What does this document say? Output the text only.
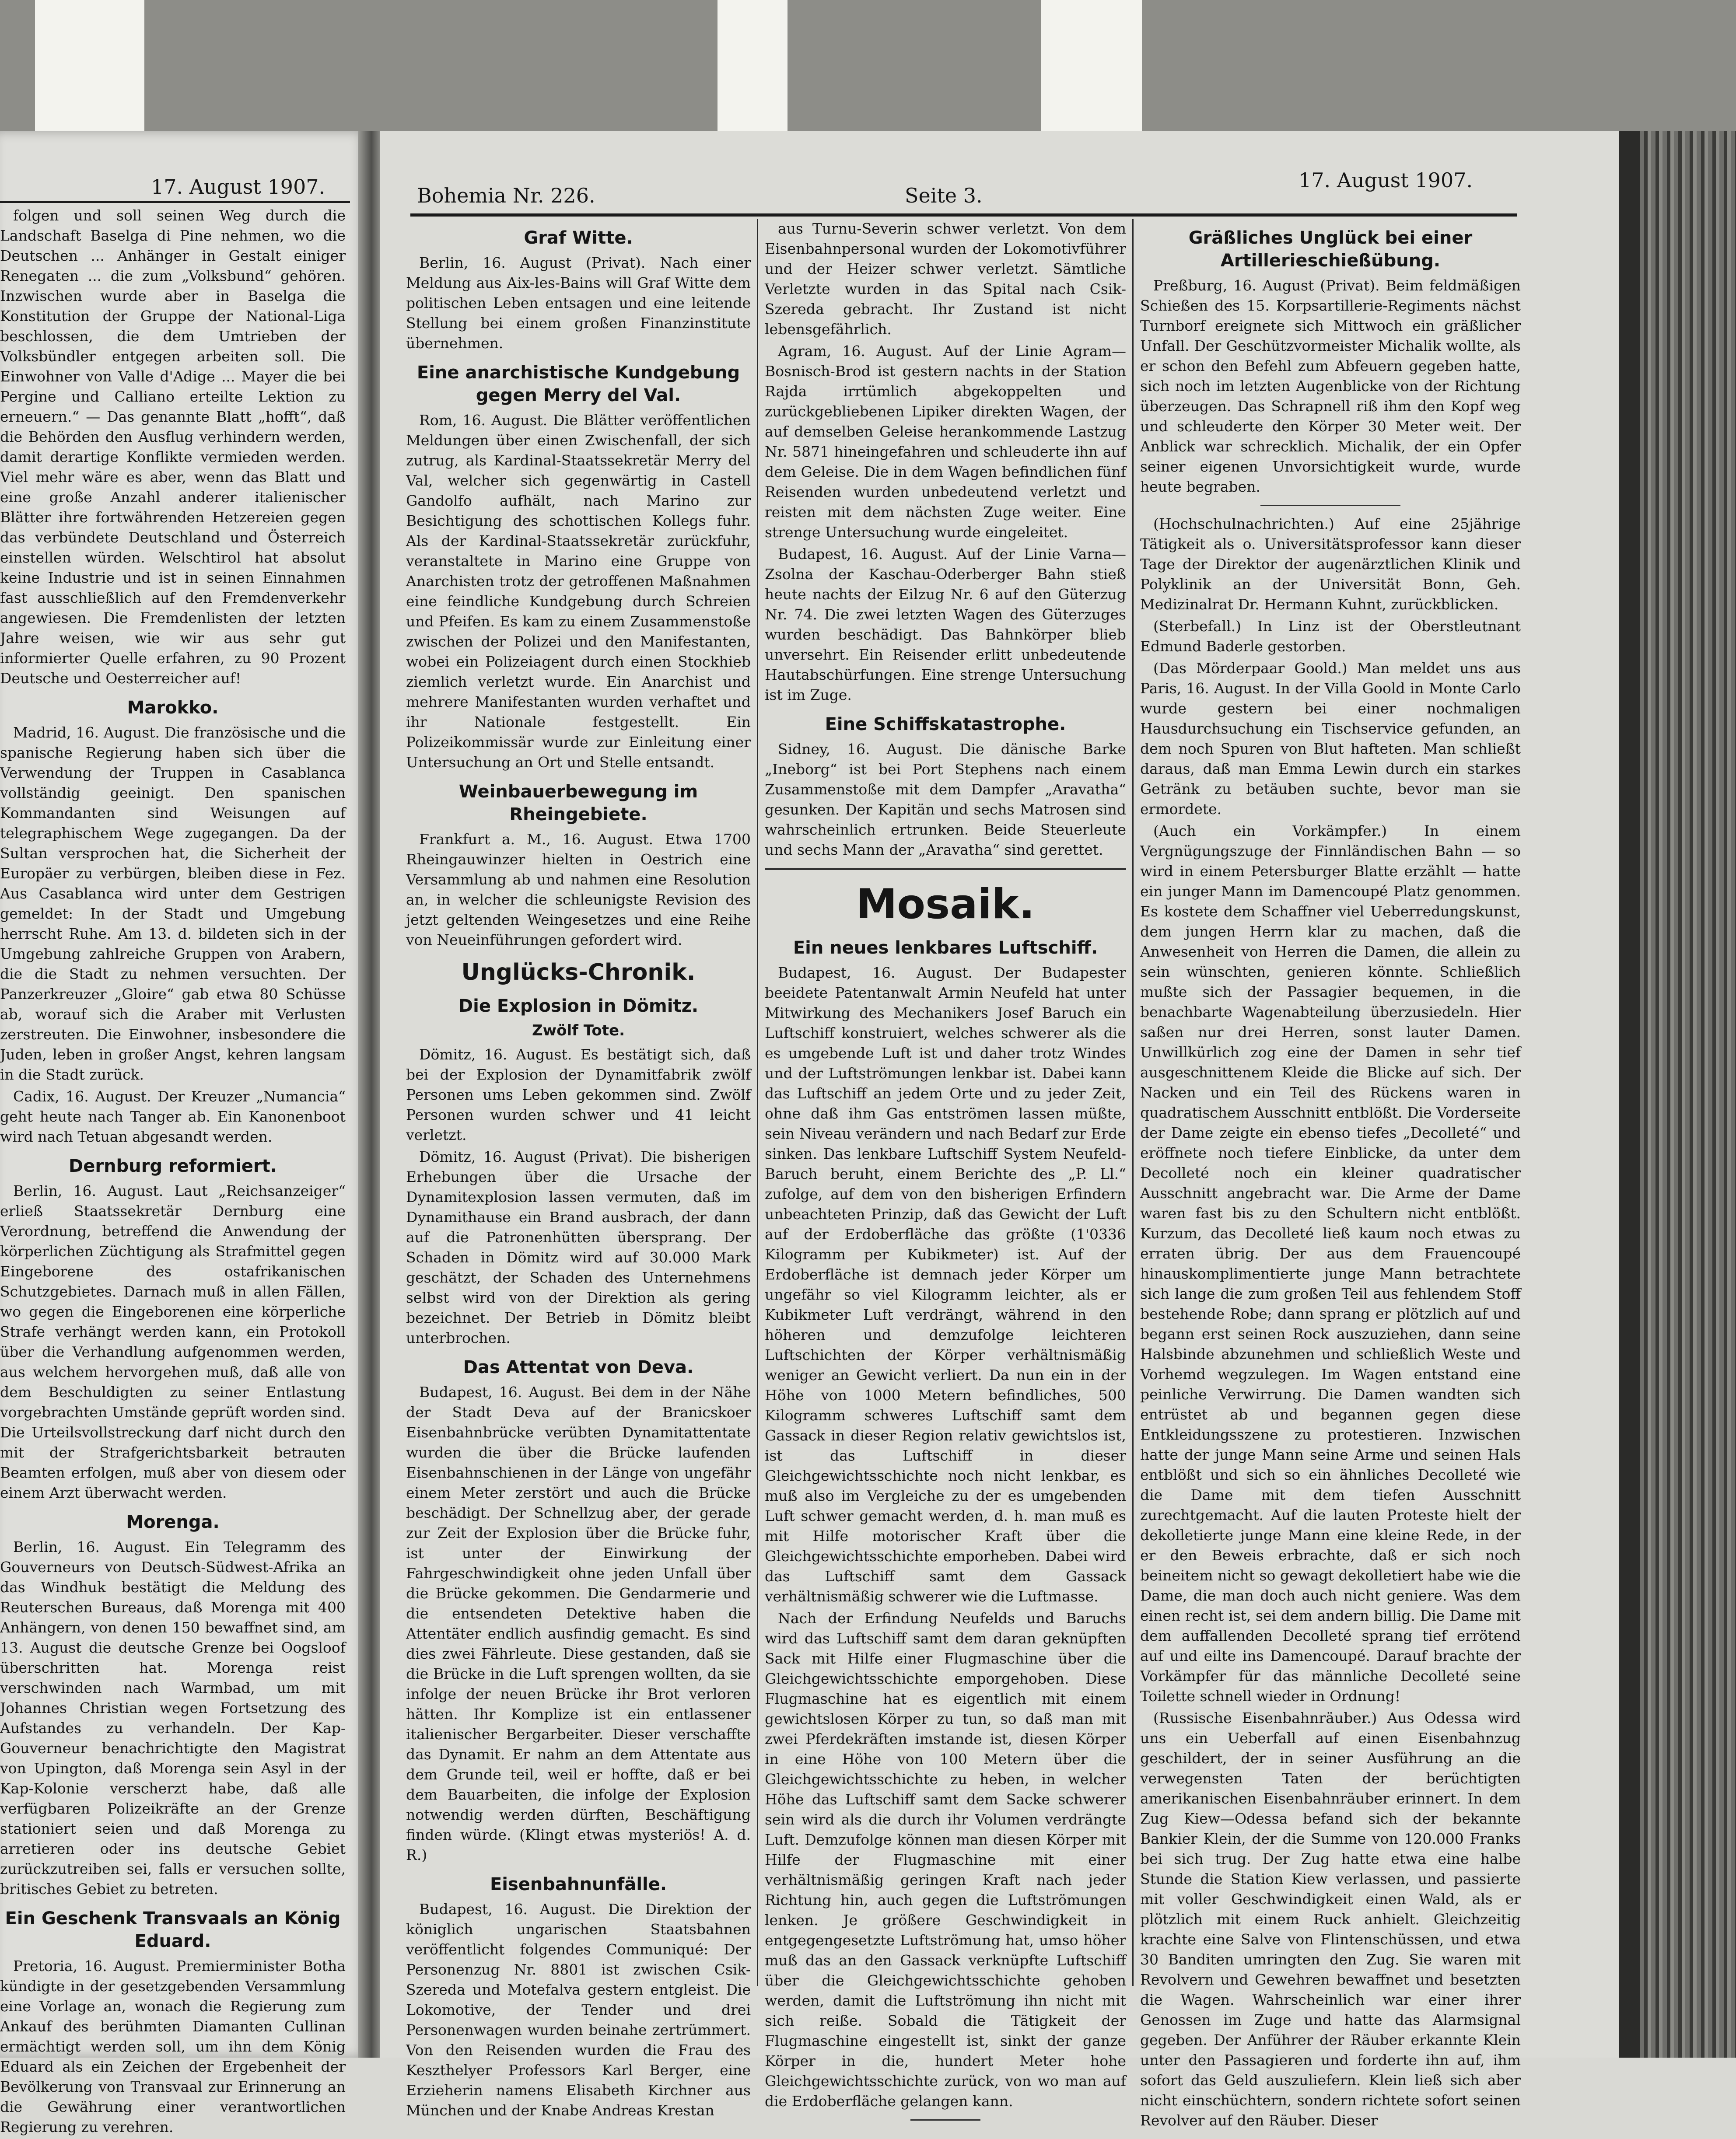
17. August 1907.

folgen und soll seinen Weg durch die Landschaft Baselga di Pine nehmen, wo die Deutschen ... Anhänger in Gestalt einiger Renegaten ... die zum „Volksbund“ gehören. Inzwischen wurde aber in Baselga die Konstitution der Gruppe der National-Liga beschlossen, die dem Umtrieben der Volksbündler entgegen arbeiten soll. Die Einwohner von Valle d'Adige ... Mayer die bei Pergine und Calliano erteilte Lektion zu erneuern.“ — Das genannte Blatt „hofft“, daß die Behörden den Ausflug verhindern werden, damit derartige Konflikte vermieden werden. Viel mehr wäre es aber, wenn das Blatt und eine große Anzahl anderer italienischer Blätter ihre fortwährenden Hetzereien gegen das verbündete Deutschland und Österreich einstellen würden. Welschtirol hat absolut keine Industrie und ist in seinen Einnahmen fast ausschließlich auf den Fremdenverkehr angewiesen. Die Fremdenlisten der letzten Jahre weisen, wie wir aus sehr gut informierter Quelle erfahren, zu 90 Prozent Deutsche und Oesterreicher auf!

Marokko.

Madrid, 16. August. Die französische und die spanische Regierung haben sich über die Verwendung der Truppen in Casablanca vollständig geeinigt. Den spanischen Kommandanten sind Weisungen auf telegraphischem Wege zugegangen. Da der Sultan versprochen hat, die Sicherheit der Europäer zu verbürgen, bleiben diese in Fez. Aus Casablanca wird unter dem Gestrigen gemeldet: In der Stadt und Umgebung herrscht Ruhe. Am 13. d. bildeten sich in der Umgebung zahlreiche Gruppen von Arabern, die die Stadt zu nehmen versuchten. Der Panzerkreuzer „Gloire“ gab etwa 80 Schüsse ab, worauf sich die Araber mit Verlusten zerstreuten. Die Einwohner, insbesondere die Juden, leben in großer Angst, kehren langsam in die Stadt zurück.

Cadix, 16. August. Der Kreuzer „Numancia“ geht heute nach Tanger ab. Ein Kanonenboot wird nach Tetuan abgesandt werden.

Dernburg reformiert.

Berlin, 16. August. Laut „Reichsanzeiger“ erließ Staatssekretär Dernburg eine Verordnung, betreffend die Anwendung der körperlichen Züchtigung als Strafmittel gegen Eingeborene des ostafrikanischen Schutzgebietes. Darnach muß in allen Fällen, wo gegen die Eingeborenen eine körperliche Strafe verhängt werden kann, ein Protokoll über die Verhandlung aufgenommen werden, aus welchem hervorgehen muß, daß alle von dem Beschuldigten zu seiner Entlastung vorgebrachten Umstände geprüft worden sind. Die Urteilsvollstreckung darf nicht durch den mit der Strafgerichtsbarkeit betrauten Beamten erfolgen, muß aber von diesem oder einem Arzt überwacht werden.

Morenga.

Berlin, 16. August. Ein Telegramm des Gouverneurs von Deutsch-Südwest-Afrika an das Windhuk bestätigt die Meldung des Reuterschen Bureaus, daß Morenga mit 400 Anhängern, von denen 150 bewaffnet sind, am 13. August die deutsche Grenze bei Oogsloof überschritten hat. Morenga reist verschwinden nach Warmbad, um mit Johannes Christian wegen Fortsetzung des Aufstandes zu verhandeln. Der Kap-Gouverneur benachrichtigte den Magistrat von Upington, daß Morenga sein Asyl in der Kap-Kolonie verscherzt habe, daß alle verfügbaren Polizeikräfte an der Grenze stationiert seien und daß Morenga zu arretieren oder ins deutsche Gebiet zurückzutreiben sei, falls er versuchen sollte, britisches Gebiet zu betreten.

Ein Geschenk Transvaals an König Eduard.

Pretoria, 16. August. Premierminister Botha kündigte in der gesetzgebenden Versammlung eine Vorlage an, wonach die Regierung zum Ankauf des berühmten Diamanten Cullinan ermächtigt werden soll, um ihn dem König Eduard als ein Zeichen der Ergebenheit der Bevölkerung von Transvaal zur Erinnerung an die Gewährung einer verantwortlichen Regierung zu verehren.

Bohemia Nr. 226.	Seite 3.
17. August 1907.
Graf Witte.

Berlin, 16. August (Privat). Nach einer Meldung aus Aix-les-Bains will Graf Witte dem politischen Leben entsagen und eine leitende Stellung bei einem großen Finanzinstitute übernehmen.

Eine anarchistische Kundgebung gegen Merry del Val.

Rom, 16. August. Die Blätter veröffentlichen Meldungen über einen Zwischenfall, der sich zutrug, als Kardinal-Staatssekretär Merry del Val, welcher sich gegenwärtig in Castell Gandolfo aufhält, nach Marino zur Besichtigung des schottischen Kollegs fuhr. Als der Kardinal-Staatssekretär zurückfuhr, veranstaltete in Marino eine Gruppe von Anarchisten trotz der getroffenen Maßnahmen eine feindliche Kundgebung durch Schreien und Pfeifen. Es kam zu einem Zusammenstoße zwischen der Polizei und den Manifestanten, wobei ein Polizeiagent durch einen Stockhieb ziemlich verletzt wurde. Ein Anarchist und mehrere Manifestanten wurden verhaftet und ihr Nationale festgestellt. Ein Polizeikommissär wurde zur Einleitung einer Untersuchung an Ort und Stelle entsandt.

Weinbauerbewegung im Rheingebiete.

Frankfurt a. M., 16. August. Etwa 1700 Rheingauwinzer hielten in Oestrich eine Versammlung ab und nahmen eine Resolution an, in welcher die schleunigste Revision des jetzt geltenden Weingesetzes und eine Reihe von Neueinführungen gefordert wird.

Unglücks-Chronik.
Die Explosion in Dömitz.
Zwölf Tote.

Dömitz, 16. August. Es bestätigt sich, daß bei der Explosion der Dynamitfabrik zwölf Personen ums Leben gekommen sind. Zwölf Personen wurden schwer und 41 leicht verletzt.

Dömitz, 16. August (Privat). Die bisherigen Erhebungen über die Ursache der Dynamitexplosion lassen vermuten, daß im Dynamithause ein Brand ausbrach, der dann auf die Patronenhütten übersprang. Der Schaden in Dömitz wird auf 30.000 Mark geschätzt, der Schaden des Unternehmens selbst wird von der Direktion als gering bezeichnet. Der Betrieb in Dömitz bleibt unterbrochen.

Das Attentat von Deva.

Budapest, 16. August. Bei dem in der Nähe der Stadt Deva auf der Branicskoer Eisenbahnbrücke verübten Dynamitattentate wurden die über die Brücke laufenden Eisenbahnschienen in der Länge von ungefähr einem Meter zerstört und auch die Brücke beschädigt. Der Schnellzug aber, der gerade zur Zeit der Explosion über die Brücke fuhr, ist unter der Einwirkung der Fahrgeschwindigkeit ohne jeden Unfall über die Brücke gekommen. Die Gendarmerie und die entsendeten Detektive haben die Attentäter endlich ausfindig gemacht. Es sind dies zwei Fährleute. Diese gestanden, daß sie die Brücke in die Luft sprengen wollten, da sie infolge der neuen Brücke ihr Brot verloren hätten. Ihr Komplize ist ein entlassener italienischer Bergarbeiter. Dieser verschaffte das Dynamit. Er nahm an dem Attentate aus dem Grunde teil, weil er hoffte, daß er bei dem Bauarbeiten, die infolge der Explosion notwendig werden dürften, Beschäftigung finden würde. (Klingt etwas mysteriös! A. d. R.)

Eisenbahnunfälle.

Budapest, 16. August. Die Direktion der königlich ungarischen Staatsbahnen veröffentlicht folgendes Communiqué: Der Personenzug Nr. 8801 ist zwischen Csik-Szereda und Motefalva gestern entgleist. Die Lokomotive, der Tender und drei Personenwagen wurden beinahe zertrümmert. Von den Reisenden wurden die Frau des Keszthelyer Professors Karl Berger, eine Erzieherin namens Elisabeth Kirchner aus München und der Knabe Andreas Krestan

aus Turnu-Severin schwer verletzt. Von dem Eisenbahnpersonal wurden der Lokomotivführer und der Heizer schwer verletzt. Sämtliche Verletzte wurden in das Spital nach Csik-Szereda gebracht. Ihr Zustand ist nicht lebensgefährlich.

Agram, 16. August. Auf der Linie Agram—Bosnisch-Brod ist gestern nachts in der Station Rajda irrtümlich abgekoppelten und zurückgebliebenen Lipiker direkten Wagen, der auf demselben Geleise herankommende Lastzug Nr. 5871 hineingefahren und schleuderte ihn auf dem Geleise. Die in dem Wagen befindlichen fünf Reisenden wurden unbedeutend verletzt und reisten mit dem nächsten Zuge weiter. Eine strenge Untersuchung wurde eingeleitet.

Budapest, 16. August. Auf der Linie Varna—Zsolna der Kaschau-Oderberger Bahn stieß heute nachts der Eilzug Nr. 6 auf den Güterzug Nr. 74. Die zwei letzten Wagen des Güterzuges wurden beschädigt. Das Bahnkörper blieb unversehrt. Ein Reisender erlitt unbedeutende Hautabschürfungen. Eine strenge Untersuchung ist im Zuge.

Eine Schiffskatastrophe.

Sidney, 16. August. Die dänische Barke „Ineborg“ ist bei Port Stephens nach einem Zusammenstoße mit dem Dampfer „Aravatha“ gesunken. Der Kapitän und sechs Matrosen sind wahrscheinlich ertrunken. Beide Steuerleute und sechs Mann der „Aravatha“ sind gerettet.

Mosaik.
Ein neues lenkbares Luftschiff.

Budapest, 16. August. Der Budapester beeidete Patentanwalt Armin Neufeld hat unter Mitwirkung des Mechanikers Josef Baruch ein Luftschiff konstruiert, welches schwerer als die es umgebende Luft ist und daher trotz Windes und der Luftströmungen lenkbar ist. Dabei kann das Luftschiff an jedem Orte und zu jeder Zeit, ohne daß ihm Gas entströmen lassen müßte, sein Niveau verändern und nach Bedarf zur Erde sinken. Das lenkbare Luftschiff System Neufeld-Baruch beruht, einem Berichte des „P. Ll.“ zufolge, auf dem von den bisherigen Erfindern unbeachteten Prinzip, daß das Gewicht der Luft auf der Erdoberfläche das größte (1'0336 Kilogramm per Kubikmeter) ist. Auf der Erdoberfläche ist demnach jeder Körper um ungefähr so viel Kilogramm leichter, als er Kubikmeter Luft verdrängt, während in den höheren und demzufolge leichteren Luftschichten der Körper verhältnismäßig weniger an Gewicht verliert. Da nun ein in der Höhe von 1000 Metern befindliches, 500 Kilogramm schweres Luftschiff samt dem Gassack in dieser Region relativ gewichtslos ist, ist das Luftschiff in dieser Gleichgewichtsschichte noch nicht lenkbar, es muß also im Vergleiche zu der es umgebenden Luft schwer gemacht werden, d. h. man muß es mit Hilfe motorischer Kraft über die Gleichgewichtsschichte emporheben. Dabei wird das Luftschiff samt dem Gassack verhältnismäßig schwerer wie die Luftmasse.

Nach der Erfindung Neufelds und Baruchs wird das Luftschiff samt dem daran geknüpften Sack mit Hilfe einer Flugmaschine über die Gleichgewichtsschichte emporgehoben. Diese Flugmaschine hat es eigentlich mit einem gewichtslosen Körper zu tun, so daß man mit zwei Pferdekräften imstande ist, diesen Körper in eine Höhe von 100 Metern über die Gleichgewichtsschichte zu heben, in welcher Höhe das Luftschiff samt dem Sacke schwerer sein wird als die durch ihr Volumen verdrängte Luft. Demzufolge können man diesen Körper mit Hilfe der Flugmaschine mit einer verhältnismäßig geringen Kraft nach jeder Richtung hin, auch gegen die Luftströmungen lenken. Je größere Geschwindigkeit in entgegengesetzte Luftströmung hat, umso höher muß das an den Gassack verknüpfte Luftschiff über die Gleichgewichtsschichte gehoben werden, damit die Luftströmung ihn nicht mit sich reiße. Sobald die Tätigkeit der Flugmaschine eingestellt ist, sinkt der ganze Körper in die, hundert Meter hohe Gleichgewichtsschichte zurück, von wo man auf die Erdoberfläche gelangen kann.

Gräßliches Unglück bei einer Artillerieschießübung.

Preßburg, 16. August (Privat). Beim feldmäßigen Schießen des 15. Korpsartillerie-Regiments nächst Turnborf ereignete sich Mittwoch ein gräßlicher Unfall. Der Geschützvormeister Michalik wollte, als er schon den Befehl zum Abfeuern gegeben hatte, sich noch im letzten Augenblicke von der Richtung überzeugen. Das Schrapnell riß ihm den Kopf weg und schleuderte den Körper 30 Meter weit. Der Anblick war schrecklich. Michalik, der ein Opfer seiner eigenen Unvorsichtigkeit wurde, wurde heute begraben.

(Hochschulnachrichten.) Auf eine 25jährige Tätigkeit als o. Universitätsprofessor kann dieser Tage der Direktor der augenärztlichen Klinik und Polyklinik an der Universität Bonn, Geh. Medizinalrat Dr. Hermann Kuhnt, zurückblicken.

(Sterbefall.) In Linz ist der Oberstleutnant Edmund Baderle gestorben.

(Das Mörderpaar Goold.) Man meldet uns aus Paris, 16. August. In der Villa Goold in Monte Carlo wurde gestern bei einer nochmaligen Hausdurchsuchung ein Tischservice gefunden, an dem noch Spuren von Blut hafteten. Man schließt daraus, daß man Emma Lewin durch ein starkes Getränk zu betäuben suchte, bevor man sie ermordete.

(Auch ein Vorkämpfer.) In einem Vergnügungszuge der Finnländischen Bahn — so wird in einem Petersburger Blatte erzählt — hatte ein junger Mann im Damencoupé Platz genommen. Es kostete dem Schaffner viel Ueberredungskunst, dem jungen Herrn klar zu machen, daß die Anwesenheit von Herren die Damen, die allein zu sein wünschten, genieren könnte. Schließlich mußte sich der Passagier bequemen, in die benachbarte Wagenabteilung überzusiedeln. Hier saßen nur drei Herren, sonst lauter Damen. Unwillkürlich zog eine der Damen in sehr tief ausgeschnittenem Kleide die Blicke auf sich. Der Nacken und ein Teil des Rückens waren in quadratischem Ausschnitt entblößt. Die Vorderseite der Dame zeigte ein ebenso tiefes „Decolleté“ und eröffnete noch tiefere Einblicke, da unter dem Decolleté noch ein kleiner quadratischer Ausschnitt angebracht war. Die Arme der Dame waren fast bis zu den Schultern nicht entblößt. Kurzum, das Decolleté ließ kaum noch etwas zu erraten übrig. Der aus dem Frauencoupé hinauskomplimentierte junge Mann betrachtete sich lange die zum großen Teil aus fehlendem Stoff bestehende Robe; dann sprang er plötzlich auf und begann erst seinen Rock auszuziehen, dann seine Halsbinde abzunehmen und schließlich Weste und Vorhemd wegzulegen. Im Wagen entstand eine peinliche Verwirrung. Die Damen wandten sich entrüstet ab und begannen gegen diese Entkleidungsszene zu protestieren. Inzwischen hatte der junge Mann seine Arme und seinen Hals entblößt und sich so ein ähnliches Decolleté wie die Dame mit dem tiefen Ausschnitt zurechtgemacht. Auf die lauten Proteste hielt der dekolletierte junge Mann eine kleine Rede, in der er den Beweis erbrachte, daß er sich noch beineitem nicht so gewagt dekolletiert habe wie die Dame, die man doch auch nicht geniere. Was dem einen recht ist, sei dem andern billig. Die Dame mit dem auffallenden Decolleté sprang tief errötend auf und eilte ins Damencoupé. Darauf brachte der Vorkämpfer für das männliche Decolleté seine Toilette schnell wieder in Ordnung!

(Russische Eisenbahnräuber.) Aus Odessa wird uns ein Ueberfall auf einen Eisenbahnzug geschildert, der in seiner Ausführung an die verwegensten Taten der berüchtigten amerikanischen Eisenbahnräuber erinnert. In dem Zug Kiew—Odessa befand sich der bekannte Bankier Klein, der die Summe von 120.000 Franks bei sich trug. Der Zug hatte etwa eine halbe Stunde die Station Kiew verlassen, und passierte mit voller Geschwindigkeit einen Wald, als er plötzlich mit einem Ruck anhielt. Gleichzeitig krachte eine Salve von Flintenschüssen, und etwa 30 Banditen umringten den Zug. Sie waren mit Revolvern und Gewehren bewaffnet und besetzten die Wagen. Wahrscheinlich war einer ihrer Genossen im Zuge und hatte das Alarmsignal gegeben. Der Anführer der Räuber erkannte Klein unter den Passagieren und forderte ihn auf, ihm sofort das Geld auszuliefern. Klein ließ sich aber nicht einschüchtern, sondern richtete sofort seinen Revolver auf den Räuber. Dieser
